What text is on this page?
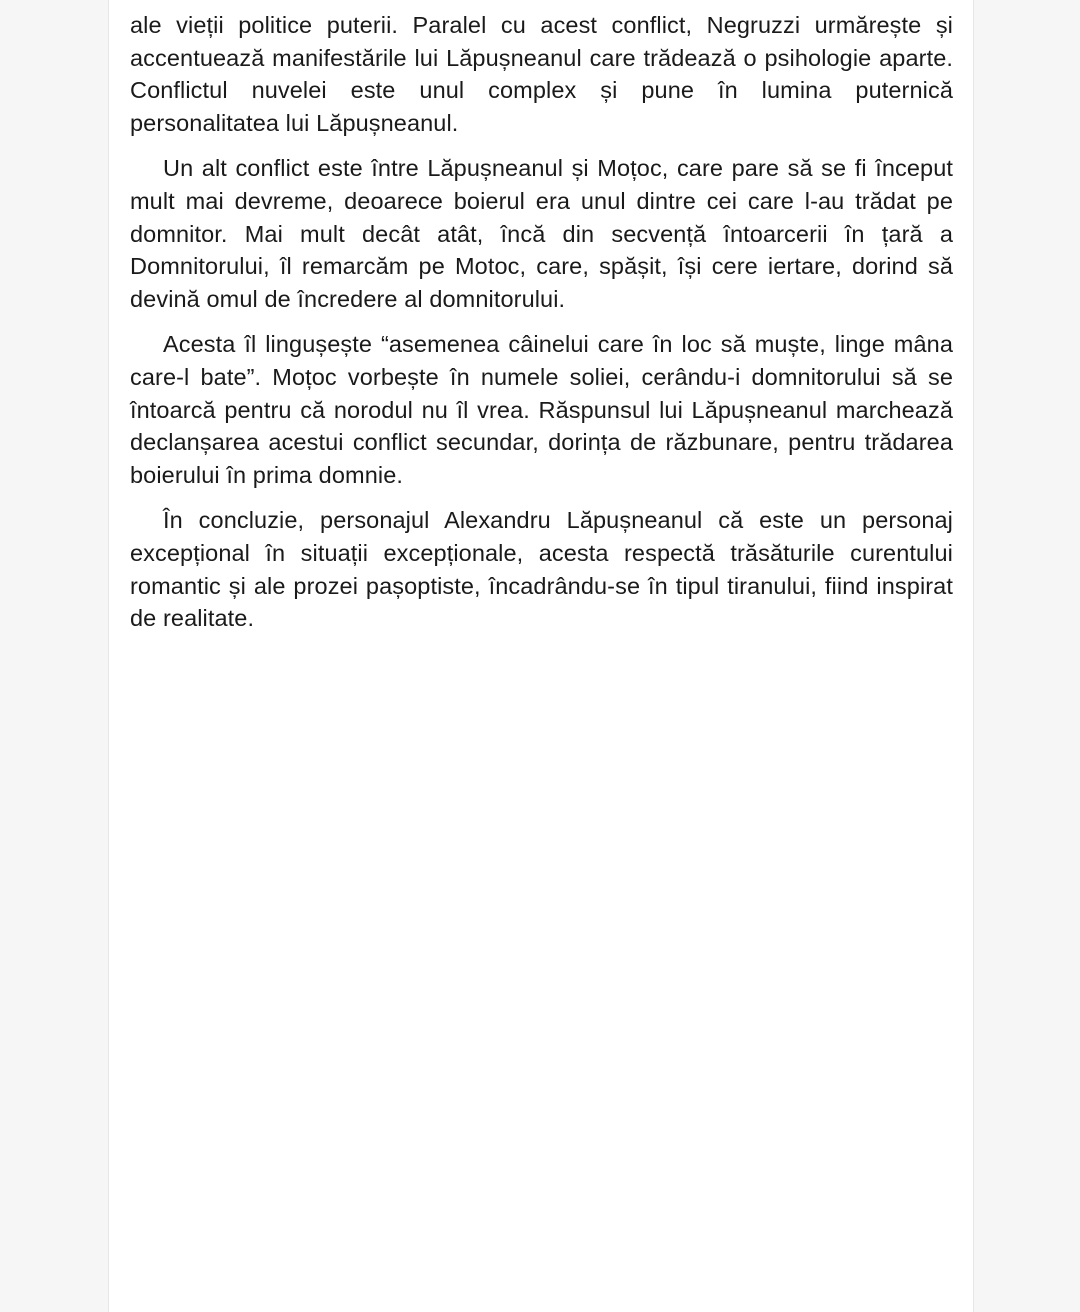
ale vieții politice puterii. Paralel cu acest conflict, Negruzzi urmărește și accentuează manifestările lui Lăpușneanul care trădează o psihologie aparte. Conflictul nuvelei este unul complex și pune în lumina puternică personalitatea lui Lăpușneanul.

Un alt conflict este între Lăpușneanul și Moțoc, care pare să se fi început mult mai devreme, deoarece boierul era unul dintre cei care l-au trădat pe domnitor. Mai mult decât atât, încă din secvență întoarcerii în țară a Domnitorului, îl remarcăm pe Motoc, care, spășit, își cere iertare, dorind să devină omul de încredere al domnitorului.

Acesta îl lingușește “asemenea câinelui care în loc să muște, linge mâna care-l bate”. Moțoc vorbește în numele soliei, cerându-i domnitorului să se întoarcă pentru că norodul nu îl vrea. Răspunsul lui Lăpușneanul marchează declanșarea acestui conflict secundar, dorința de răzbunare, pentru trădarea boierului în prima domnie.

În concluzie, personajul Alexandru Lăpușneanul că este un personaj excepțional în situații excepționale, acesta respectă trăsăturile curentului romantic și ale prozei pașoptiste, încadrându-se în tipul tiranului, fiind inspirat de realitate.
